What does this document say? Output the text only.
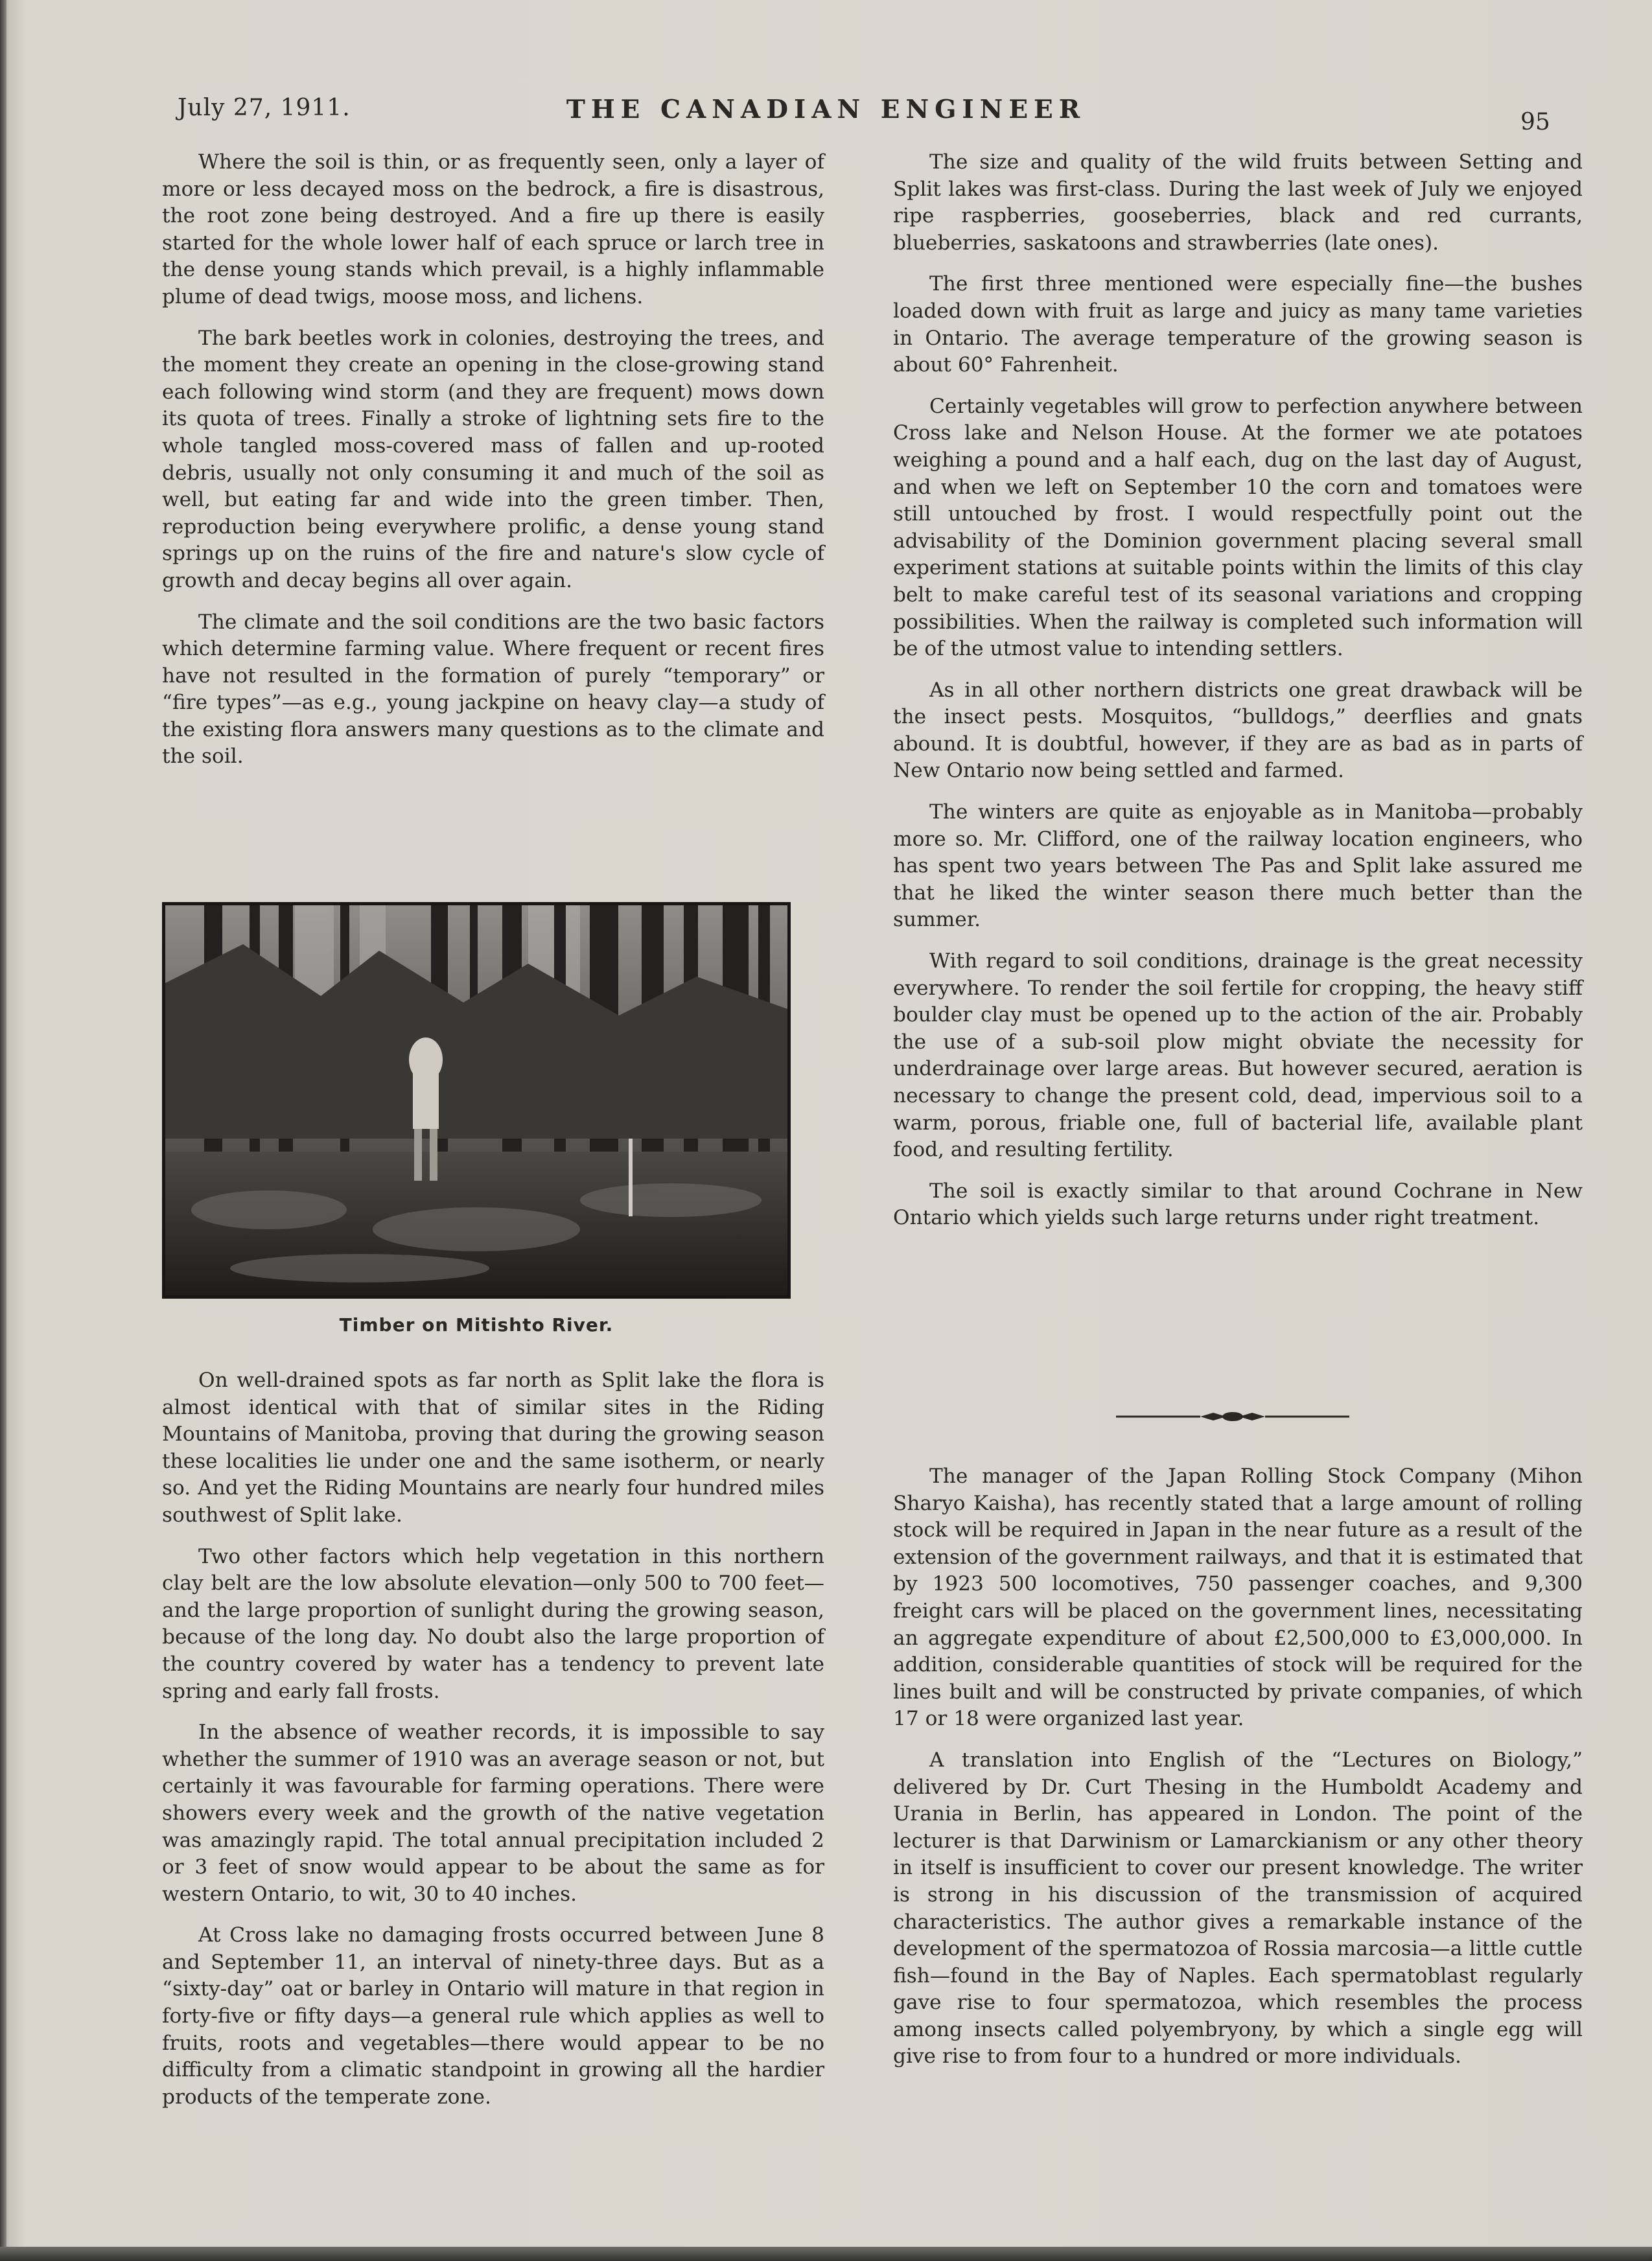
July 27, 1911.	THE CANADIAN ENGINEER	95

Where the soil is thin, or as frequently seen, only a layer of more or less decayed moss on the bedrock, a fire is disastrous, the root zone being destroyed. And a fire up there is easily started for the whole lower half of each spruce or larch tree in the dense young stands which prevail, is a highly inflammable plume of dead twigs, moose moss, and lichens.

The bark beetles work in colonies, destroying the trees, and the moment they create an opening in the close-growing stand each following wind storm (and they are frequent) mows down its quota of trees. Finally a stroke of lightning sets fire to the whole tangled moss-covered mass of fallen and up-rooted debris, usually not only consuming it and much of the soil as well, but eating far and wide into the green timber. Then, reproduction being everywhere prolific, a dense young stand springs up on the ruins of the fire and nature's slow cycle of growth and decay begins all over again.

The climate and the soil conditions are the two basic factors which determine farming value. Where frequent or recent fires have not resulted in the formation of purely “temporary” or “fire types”—as e.g., young jackpine on heavy clay—a study of the existing flora answers many questions as to the climate and the soil.

Timber on Mitishto River.

On well-drained spots as far north as Split lake the flora is almost identical with that of similar sites in the Riding Mountains of Manitoba, proving that during the growing season these localities lie under one and the same isotherm, or nearly so. And yet the Riding Mountains are nearly four hundred miles southwest of Split lake.

Two other factors which help vegetation in this northern clay belt are the low absolute elevation—only 500 to 700 feet—and the large proportion of sunlight during the growing season, because of the long day. No doubt also the large proportion of the country covered by water has a tendency to prevent late spring and early fall frosts.

In the absence of weather records, it is impossible to say whether the summer of 1910 was an average season or not, but certainly it was favourable for farming operations. There were showers every week and the growth of the native vegetation was amazingly rapid. The total annual precipitation included 2 or 3 feet of snow would appear to be about the same as for western Ontario, to wit, 30 to 40 inches.

At Cross lake no damaging frosts occurred between June 8 and September 11, an interval of ninety-three days. But as a “sixty-day” oat or barley in Ontario will mature in that region in forty-five or fifty days—a general rule which applies as well to fruits, roots and vegetables—there would appear to be no difficulty from a climatic standpoint in growing all the hardier products of the temperate zone.

The size and quality of the wild fruits between Setting and Split lakes was first-class. During the last week of July we enjoyed ripe raspberries, gooseberries, black and red currants, blueberries, saskatoons and strawberries (late ones).

The first three mentioned were especially fine—the bushes loaded down with fruit as large and juicy as many tame varieties in Ontario. The average temperature of the growing season is about 60° Fahrenheit.

Certainly vegetables will grow to perfection anywhere between Cross lake and Nelson House. At the former we ate potatoes weighing a pound and a half each, dug on the last day of August, and when we left on September 10 the corn and tomatoes were still untouched by frost. I would respectfully point out the advisability of the Dominion government placing several small experiment stations at suitable points within the limits of this clay belt to make careful test of its seasonal variations and cropping possibilities. When the railway is completed such information will be of the utmost value to intending settlers.

As in all other northern districts one great drawback will be the insect pests. Mosquitos, “bulldogs,” deerflies and gnats abound. It is doubtful, however, if they are as bad as in parts of New Ontario now being settled and farmed.

The winters are quite as enjoyable as in Manitoba—probably more so. Mr. Clifford, one of the railway location engineers, who has spent two years between The Pas and Split lake assured me that he liked the winter season there much better than the summer.

With regard to soil conditions, drainage is the great necessity everywhere. To render the soil fertile for cropping, the heavy stiff boulder clay must be opened up to the action of the air. Probably the use of a sub-soil plow might obviate the necessity for underdrainage over large areas. But however secured, aeration is necessary to change the present cold, dead, impervious soil to a warm, porous, friable one, full of bacterial life, available plant food, and resulting fertility.

The soil is exactly similar to that around Cochrane in New Ontario which yields such large returns under right treatment.

The manager of the Japan Rolling Stock Company (Mihon Sharyo Kaisha), has recently stated that a large amount of rolling stock will be required in Japan in the near future as a result of the extension of the government railways, and that it is estimated that by 1923 500 locomotives, 750 passenger coaches, and 9,300 freight cars will be placed on the government lines, necessitating an aggregate expenditure of about £2,500,000 to £3,000,000. In addition, considerable quantities of stock will be required for the lines built and will be constructed by private companies, of which 17 or 18 were organized last year.

A translation into English of the “Lectures on Biology,” delivered by Dr. Curt Thesing in the Humboldt Academy and Urania in Berlin, has appeared in London. The point of the lecturer is that Darwinism or Lamarckianism or any other theory in itself is insufficient to cover our present knowledge. The writer is strong in his discussion of the transmission of acquired characteristics. The author gives a remarkable instance of the development of the spermatozoa of Rossia marcosia—a little cuttle fish—found in the Bay of Naples. Each spermatoblast regularly gave rise to four spermatozoa, which resembles the process among insects called polyembryony, by which a single egg will give rise to from four to a hundred or more individuals.
